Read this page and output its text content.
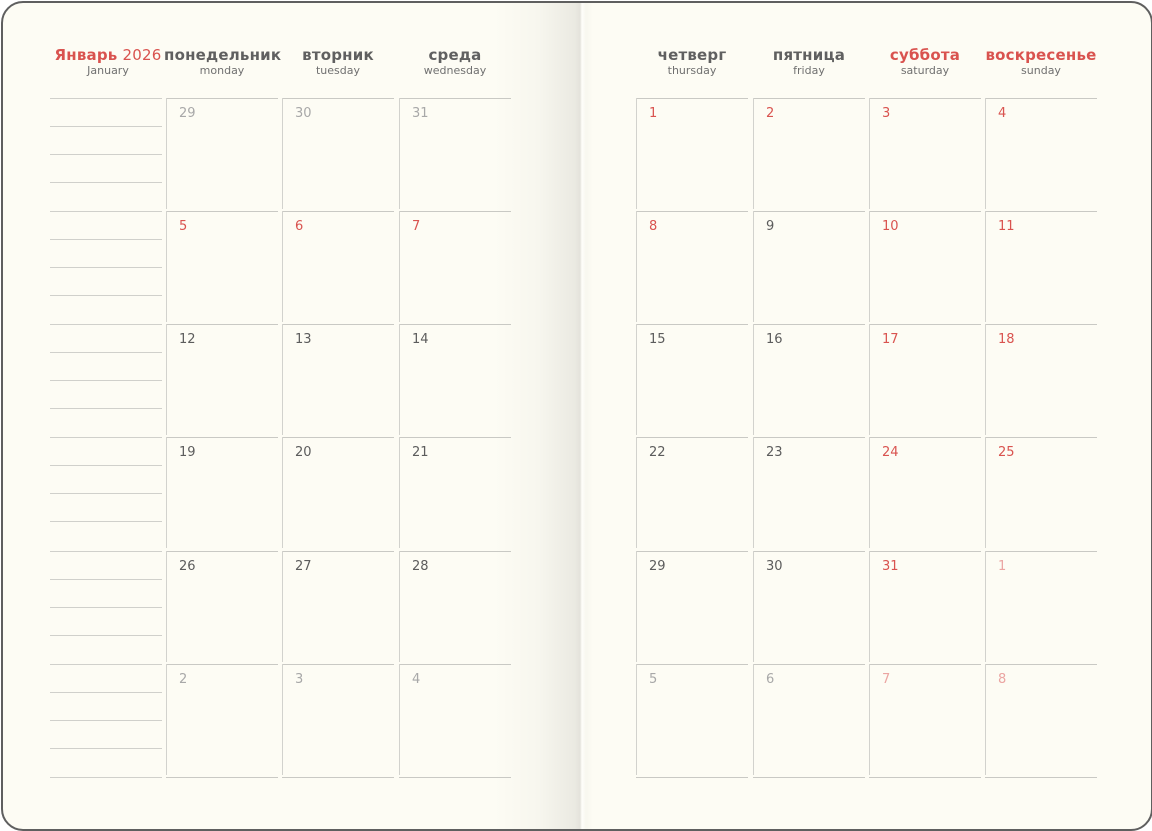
Январь 2026
January
понедельник
monday
вторник
tuesday
среда
wednesday
четверг
thursday
пятница
friday
суббота
saturday
воскресенье
sunday
29	30	31	1	2	3	4
5	6	7	8	9	10	11
12	13	14	15	16	17	18
19	20	21	22	23	24	25
26	27	28	29	30	31	1
2	3	4	5	6	7	8
